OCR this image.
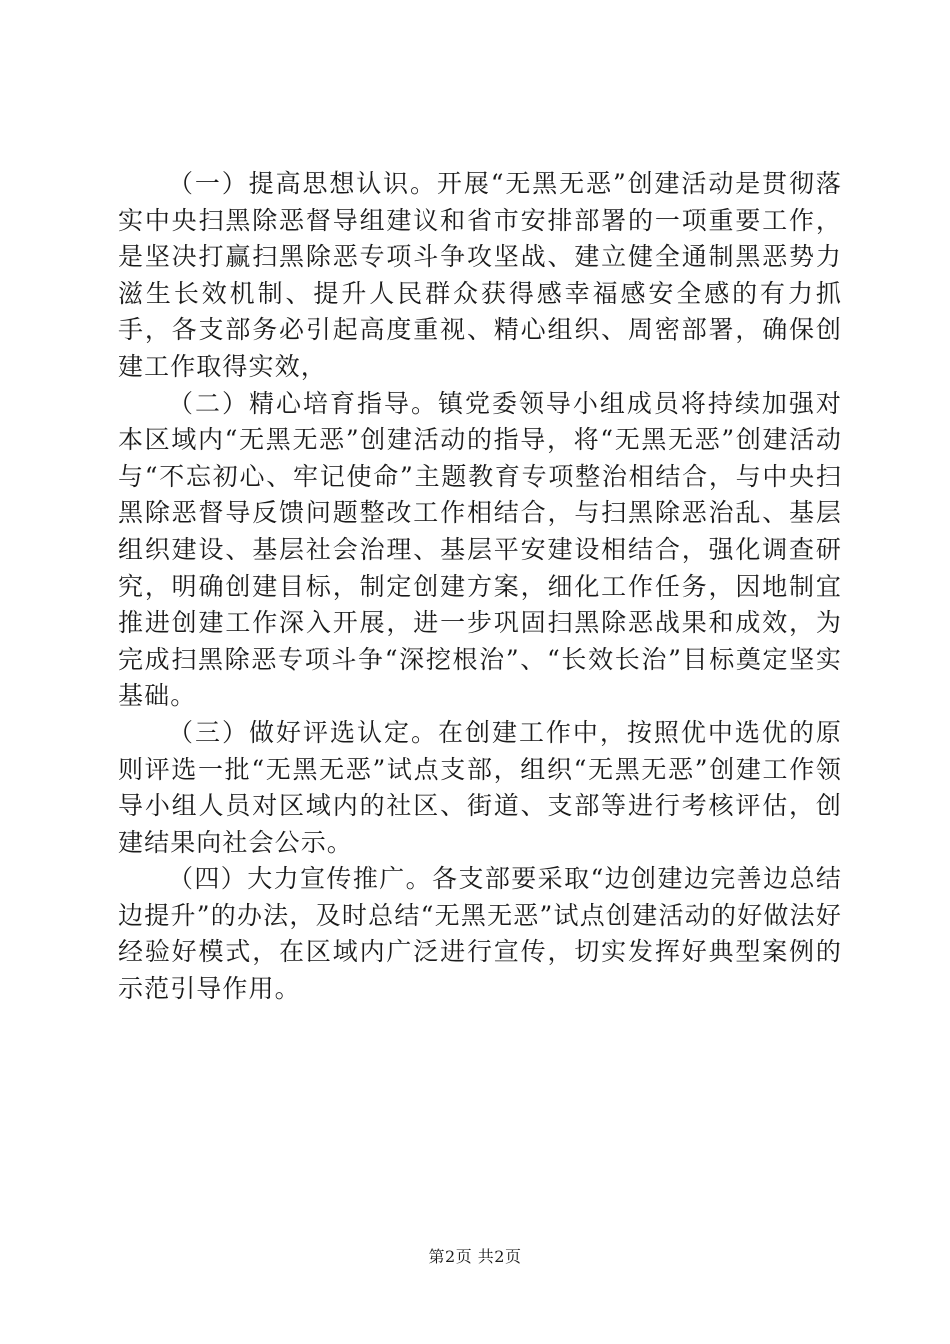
（一）提高思想认识。开展“无黑无恶”创建活动是贯彻落实中央扫黑除恶督导组建议和省市安排部署的一项重要工作，是坚决打赢扫黑除恶专项斗争攻坚战、建立健全通制黑恶势力滋生长效机制、提升人民群众获得感幸福感安全感的有力抓手，各支部务必引起高度重视、精心组织、周密部署，确保创建工作取得实效，

（二）精心培育指导。镇党委领导小组成员将持续加强对本区域内“无黑无恶”创建活动的指导，将“无黑无恶”创建活动与“不忘初心、牢记使命”主题教育专项整治相结合，与中央扫黑除恶督导反馈问题整改工作相结合，与扫黑除恶治乱、基层组织建设、基层社会治理、基层平安建设相结合，强化调查研究，明确创建目标，制定创建方案，细化工作任务，因地制宜推进创建工作深入开展，进一步巩固扫黑除恶战果和成效，为完成扫黑除恶专项斗争“深挖根治”、“长效长治”目标奠定坚实基础。

（三）做好评选认定。在创建工作中，按照优中选优的原则评选一批“无黑无恶”试点支部，组织“无黑无恶”创建工作领导小组人员对区域内的社区、街道、支部等进行考核评估，创建结果向社会公示。

（四）大力宣传推广。各支部要采取“边创建边完善边总结边提升”的办法，及时总结“无黑无恶”试点创建活动的好做法好经验好模式，在区域内广泛进行宣传，切实发挥好典型案例的示范引导作用。

第2页 共2页
